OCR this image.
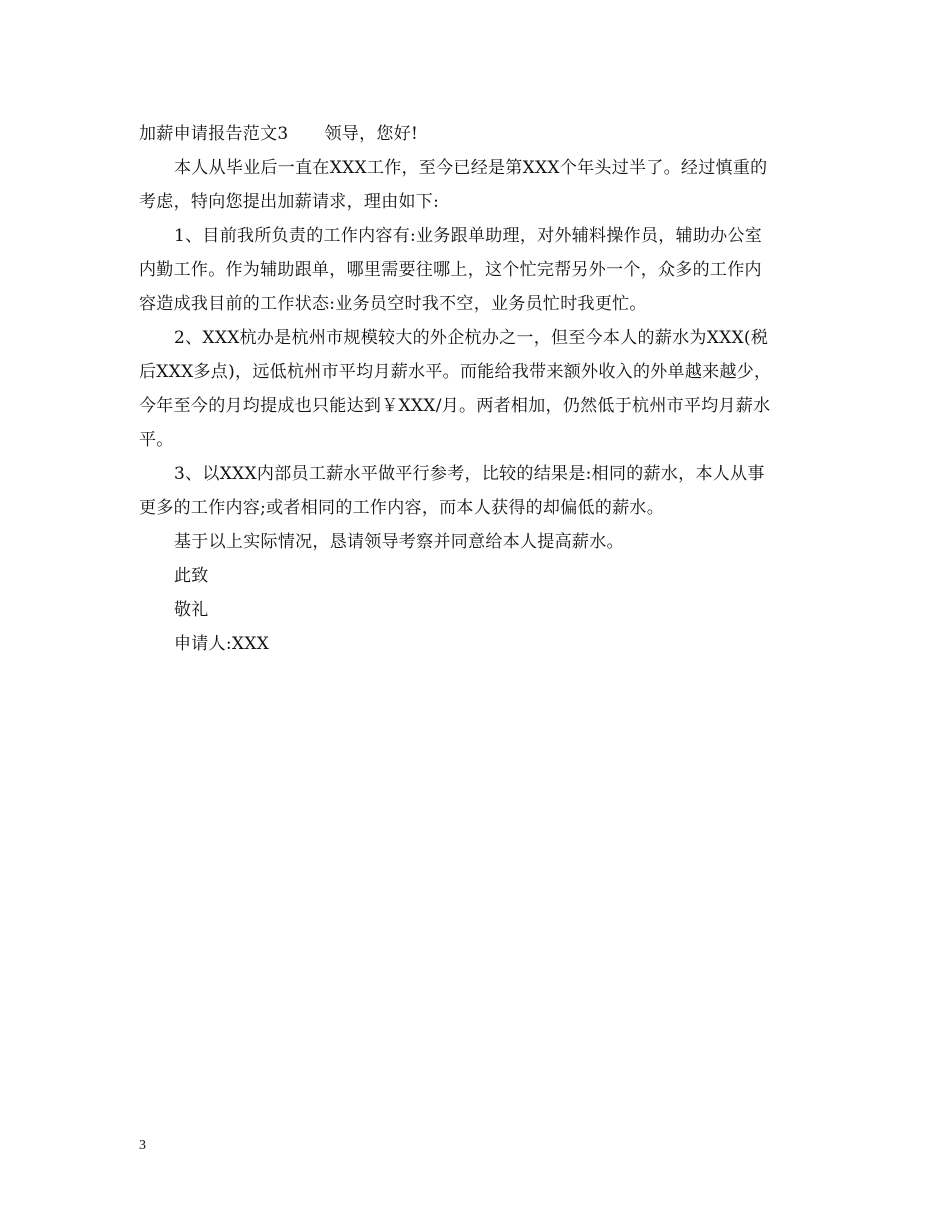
加薪申请报告范文3 领导，您好!
本人从毕业后一直在XXX工作，至今已经是第XXX个年头过半了。经过慎重的
考虑，特向您提出加薪请求，理由如下:
1、目前我所负责的工作内容有:业务跟单助理，对外辅料操作员，辅助办公室
内勤工作。作为辅助跟单，哪里需要往哪上，这个忙完帮另外一个，众多的工作内
容造成我目前的工作状态:业务员空时我不空，业务员忙时我更忙。
2、XXX杭办是杭州市规模较大的外企杭办之一，但至今本人的薪水为XXX(税
后XXX多点)，远低杭州市平均月薪水平。而能给我带来额外收入的外单越来越少，
今年至今的月均提成也只能达到￥XXX/月。两者相加，仍然低于杭州市平均月薪水
平。
3、以XXX内部员工薪水平做平行参考，比较的结果是:相同的薪水，本人从事
更多的工作内容;或者相同的工作内容，而本人获得的却偏低的薪水。
基于以上实际情况，恳请领导考察并同意给本人提高薪水。
此致
敬礼
申请人:XXX
3
